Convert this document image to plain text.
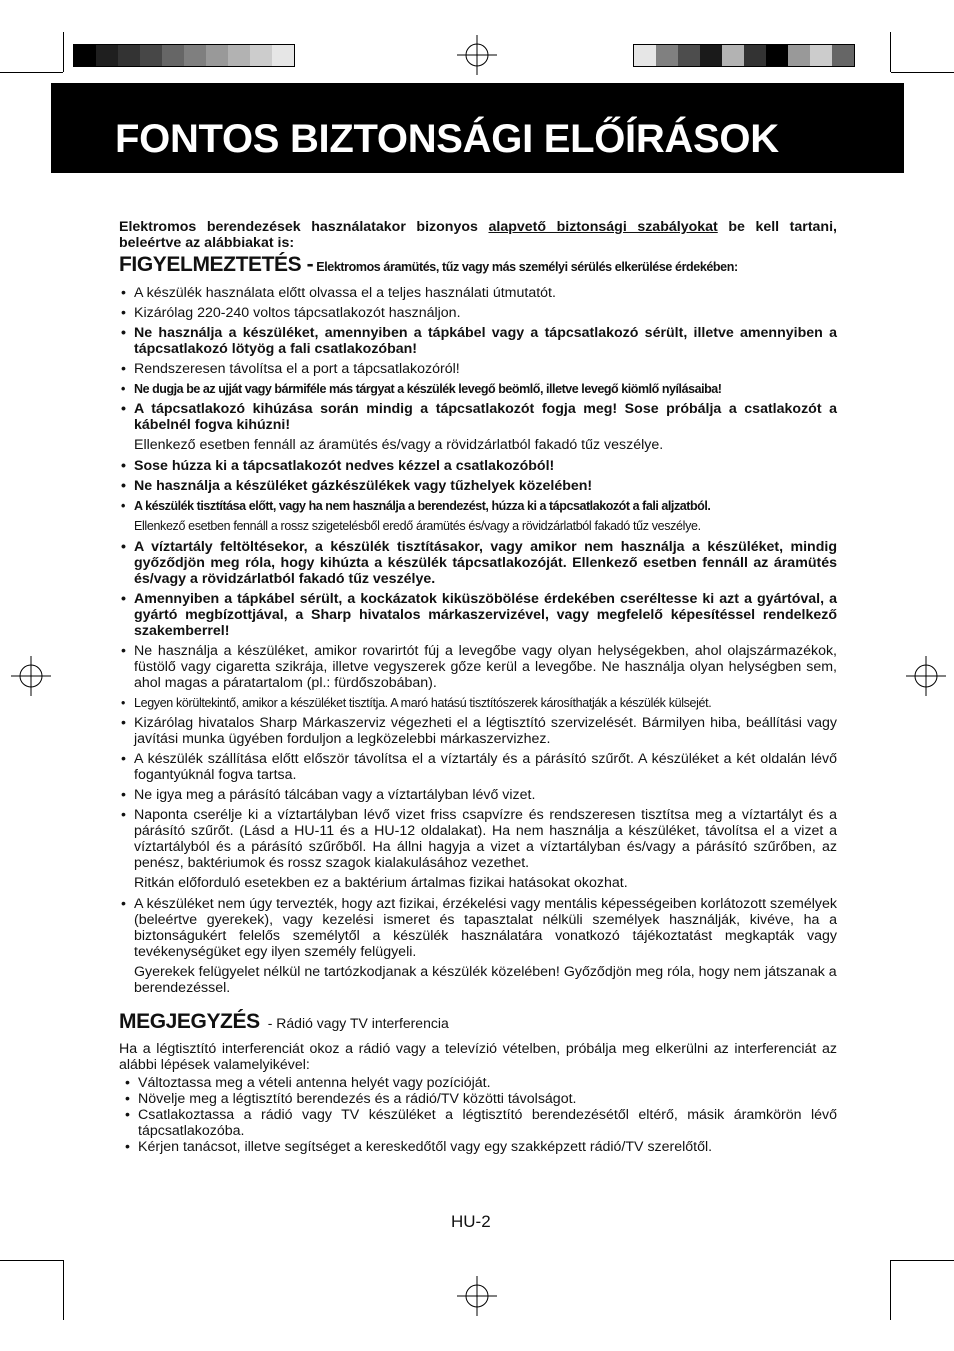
FONTOS BIZTONSÁGI ELŐÍRÁSOK

Elektromos berendezések használatakor bizonyos alapvető biztonsági szabályokat be kell tartani, beleértve az alábbiakat is:

FIGYELMEZTETÉS - Elektromos áramütés, tűz vagy más személyi sérülés elkerülése érdekében:
• A készülék használata előtt olvassa el a teljes használati útmutatót.
• Kizárólag 220-240 voltos tápcsatlakozót használjon.
• Ne használja a készüléket, amennyiben a tápkábel vagy a tápcsatlakozó sérült, illetve amennyiben a tápcsatlakozó lötyög a fali csatlakozóban!
• Rendszeresen távolítsa el a port a tápcsatlakozóról!
• Ne dugja be az ujját vagy bármiféle más tárgyat a készülék levegő beömlő, illetve levegő kiömlő nyílásaiba!
• A tápcsatlakozó kihúzása során mindig a tápcsatlakozót fogja meg! Sose próbálja a csatlakozót a kábelnél fogva kihúzni!
Ellenkező esetben fennáll az áramütés és/vagy a rövidzárlatból fakadó tűz veszélye.
• Sose húzza ki a tápcsatlakozót nedves kézzel a csatlakozóból!
• Ne használja a készüléket gázkészülékek vagy tűzhelyek közelében!
• A készülék tisztítása előtt, vagy ha nem használja a berendezést, húzza ki a tápcsatlakozót a fali aljzatból.
Ellenkező esetben fennáll a rossz szigetelésből eredő áramütés és/vagy a rövidzárlatból fakadó tűz veszélye.
• A víztartály feltöltésekor, a készülék tisztításakor, vagy amikor nem használja a készüléket, mindig győződjön meg róla, hogy kihúzta a készülék tápcsatlakozóját. Ellenkező esetben fennáll az áramütés és/vagy a rövidzárlatból fakadó tűz veszélye.
• Amennyiben a tápkábel sérült, a kockázatok kiküszöbölése érdekében cseréltesse ki azt a gyártóval, a gyártó megbízottjával, a Sharp hivatalos márkaszervizével, vagy megfelelő képesítéssel rendelkező szakemberrel!
• Ne használja a készüléket, amikor rovarirtót fúj a levegőbe vagy olyan helységekben, ahol olajszármazékok, füstölő vagy cigaretta szikrája, illetve vegyszerek gőze kerül a levegőbe. Ne használja olyan helységben sem, ahol magas a páratartalom (pl.: fürdőszobában).
• Legyen körültekintő, amikor a készüléket tisztítja. A maró hatású tisztítószerek károsíthatják a készülék külsejét.
• Kizárólag hivatalos Sharp Márkaszerviz végezheti el a légtisztító szervizelését. Bármilyen hiba, beállítási vagy javítási munka ügyében forduljon a legközelebbi márkaszervizhez.
• A készülék szállítása előtt először távolítsa el a víztartály és a párásító szűrőt. A készüléket a két oldalán lévő fogantyúknál fogva tartsa.
• Ne igya meg a párásító tálcában vagy a víztartályban lévő vizet.
• Naponta cserélje ki a víztartályban lévő vizet friss csapvízre és rendszeresen tisztítsa meg a víztartályt és a párásító szűrőt. (Lásd a HU-11 és a HU-12 oldalakat). Ha nem használja a készüléket, távolítsa el a vizet a víztartályból és a párásító szűrőből. Ha állni hagyja a vizet a víztartályban és/vagy a párásító szűrőben, az penész, baktériumok és rossz szagok kialakulásához vezethet.
Ritkán előforduló esetekben ez a baktérium ártalmas fizikai hatásokat okozhat.
• A készüléket nem úgy tervezték, hogy azt fizikai, érzékelési vagy mentális képességeiben korlátozott személyek (beleértve gyerekek), vagy kezelési ismeret és tapasztalat nélküli személyek használják, kivéve, ha a biztonságukért felelős személytől a készülék használatára vonatkozó tájékoztatást megkapták vagy tevékenységüket egy ilyen személy felügyeli.
Gyerekek felügyelet nélkül ne tartózkodjanak a készülék közelében! Győződjön meg róla, hogy nem játszanak a berendezéssel.
MEGJEGYZÉS - Rádió vagy TV interferencia

Ha a légtisztító interferenciát okoz a rádió vagy a televízió vételben, próbálja meg elkerülni az interferenciát az alábbi lépések valamelyikével:

• Változtassa meg a vételi antenna helyét vagy pozícióját.
• Növelje meg a légtisztító berendezés és a rádió/TV közötti távolságot.
• Csatlakoztassa a rádió vagy TV készüléket a légtisztító berendezésétől eltérő, másik áramkörön lévő tápcsatlakozóba.
• Kérjen tanácsot, illetve segítséget a kereskedőtől vagy egy szakképzett rádió/TV szerelőtől.
HU-2
